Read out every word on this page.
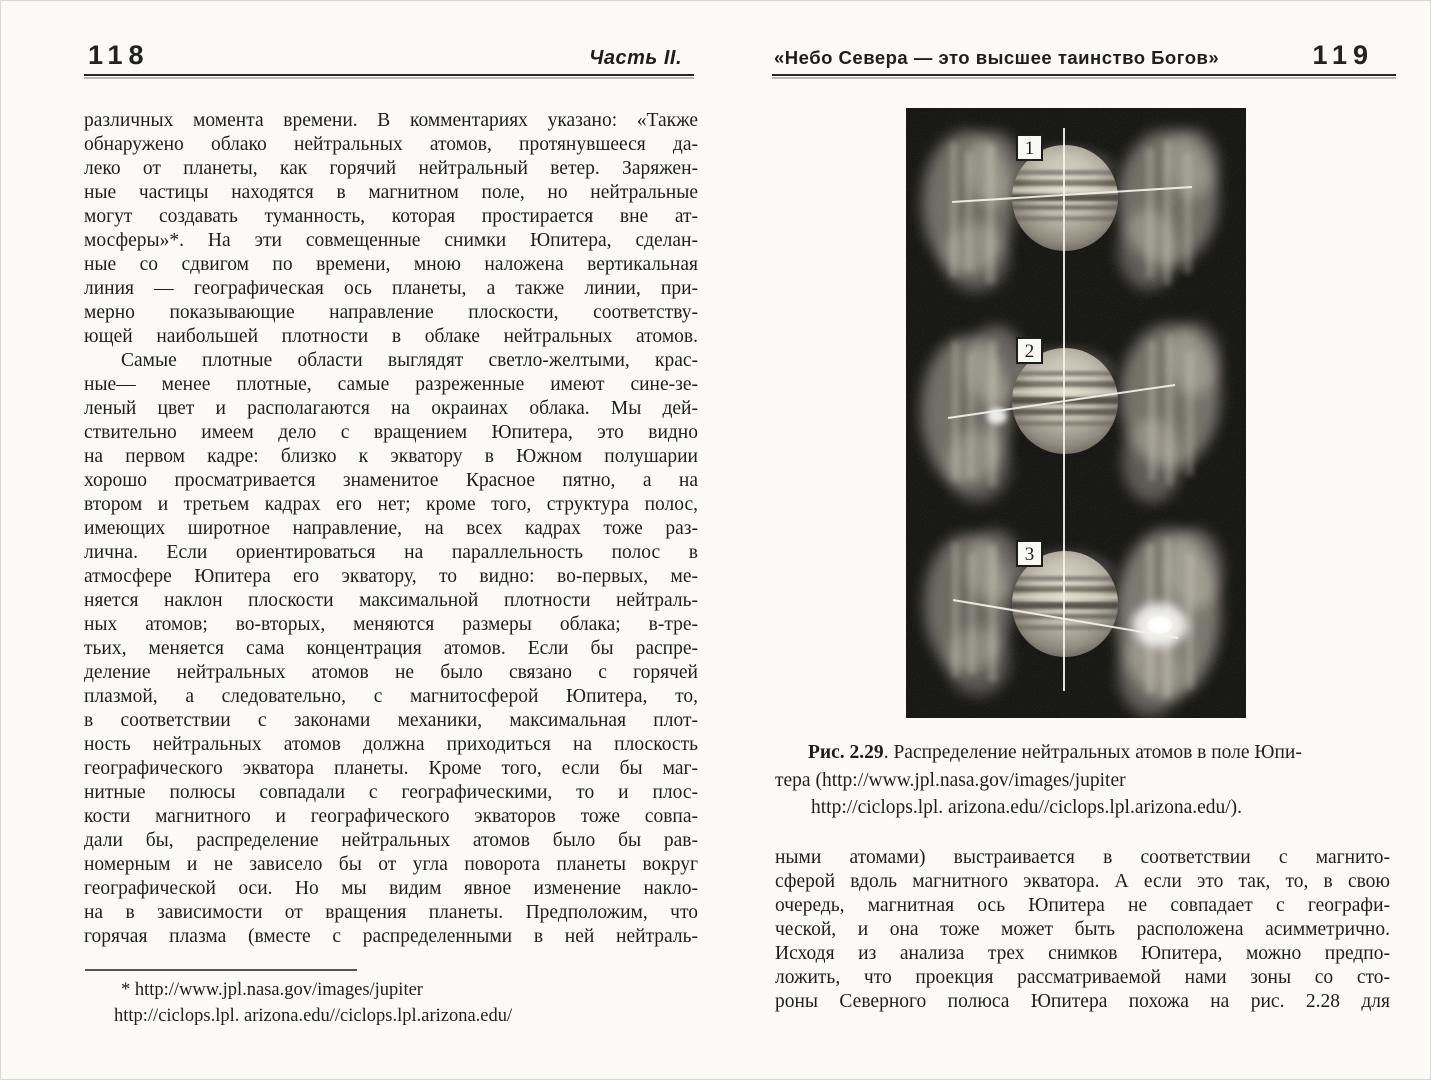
118	Часть II.
различных момента времени. В комментариях указано: «Также
обнаружено облако нейтральных атомов, протянувшееся да-
леко от планеты, как горячий нейтральный ветер. Заряжен-
ные частицы находятся в магнитном поле, но нейтральные
могут создавать туманность, которая простирается вне ат-
мосферы»*. На эти совмещенные снимки Юпитера, сделан-
ные со сдвигом по времени, мною наложена вертикальная
линия — географическая ось планеты, а также линии, при-
мерно показывающие направление плоскости, соответству-
ющей наибольшей плотности в облаке нейтральных атомов.
Самые плотные области выглядят светло-желтыми, крас-
ные— менее плотные, самые разреженные имеют сине-зе-
леный цвет и располагаются на окраинах облака. Мы дей-
ствительно имеем дело с вращением Юпитера, это видно
на первом кадре: близко к экватору в Южном полушарии
хорошо просматривается знаменитое Красное пятно, а на
втором и третьем кадрах его нет; кроме того, структура полос,
имеющих широтное направление, на всех кадрах тоже раз-
лична. Если ориентироваться на параллельность полос в
атмосфере Юпитера его экватору, то видно: во-первых, ме-
няется наклон плоскости максимальной плотности нейтраль-
ных атомов; во-вторых, меняются размеры облака; в-тре-
тьих, меняется сама концентрация атомов. Если бы распре-
деление нейтральных атомов не было связано с горячей
плазмой, а следовательно, с магнитосферой Юпитера, то,
в соответствии с законами механики, максимальная плот-
ность нейтральных атомов должна приходиться на плоскость
географического экватора планеты. Кроме того, если бы маг-
нитные полюсы совпадали с географическими, то и плос-
кости магнитного и географического экваторов тоже совпа-
дали бы, распределение нейтральных атомов было бы рав-
номерным и не зависело бы от угла поворота планеты вокруг
географической оси. Но мы видим явное изменение накло-
на в зависимости от вращения планеты. Предположим, что
горячая плазма (вместе с распределенными в ней нейтраль-
* http://www.jpl.nasa.gov/images/jupiter
http://ciclops.lpl. arizona.edu//ciclops.lpl.arizona.edu/
«Небо Севера — это высшее таинство Богов»	119
Рис. 2.29. Распределение нейтральных атомов в поле Юпи-
тера (http://www.jpl.nasa.gov/images/jupiter
http://ciclops.lpl. arizona.edu//ciclops.lpl.arizona.edu/).
ными атомами) выстраивается в соответствии с магнито-
сферой вдоль магнитного экватора. А если это так, то, в свою
очередь, магнитная ось Юпитера не совпадает с географи-
ческой, и она тоже может быть расположена асимметрично.
Исходя из анализа трех снимков Юпитера, можно предпо-
ложить, что проекция рассматриваемой нами зоны со сто-
роны Северного полюса Юпитера похожа на рис. 2.28 для
